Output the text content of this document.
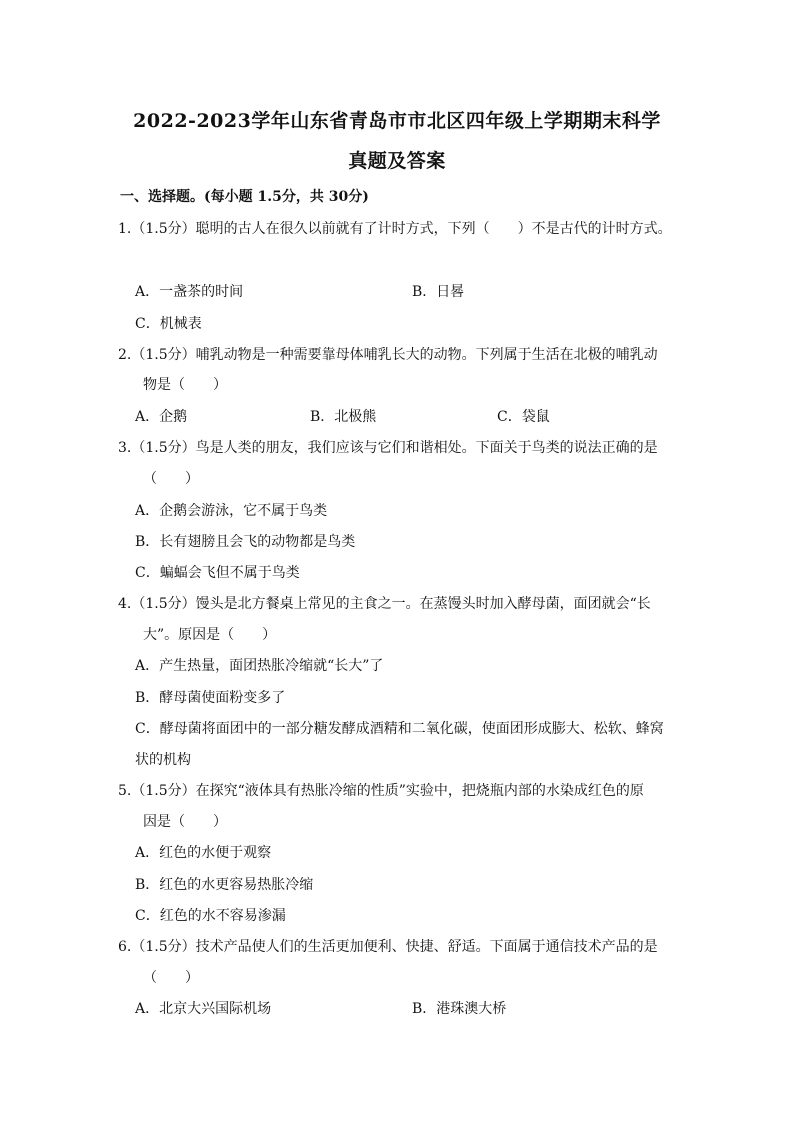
2022-2023学年山东省青岛市市北区四年级上学期期末科学
真题及答案
一、选择题。(每小题 1.5分，共 30分)
1.（1.5分）聪明的古人在很久以前就有了计时方式，下列（　　）不是古代的计时方式。
A．一盏茶的时间	B．日晷
C．机械表
2.（1.5分）哺乳动物是一种需要靠母体哺乳长大的动物。下列属于生活在北极的哺乳动
物是（　　）
A．企鹅	B．北极熊	C．袋鼠
3.（1.5分）鸟是人类的朋友，我们应该与它们和谐相处。下面关于鸟类的说法正确的是
（　　）
A．企鹅会游泳，它不属于鸟类
B．长有翅膀且会飞的动物都是鸟类
C．蝙蝠会飞但不属于鸟类
4.（1.5分）馒头是北方餐桌上常见的主食之一。在蒸馒头时加入酵母菌，面团就会“长
大”。原因是（　　）
A．产生热量，面团热胀冷缩就“长大”了
B．酵母菌使面粉变多了
C．酵母菌将面团中的一部分糖发酵成酒精和二氧化碳，使面团形成膨大、松软、蜂窝
状的机构
5.（1.5分）在探究“液体具有热胀冷缩的性质”实验中，把烧瓶内部的水染成红色的原
因是（　　）
A．红色的水便于观察
B．红色的水更容易热胀冷缩
C．红色的水不容易渗漏
6.（1.5分）技术产品使人们的生活更加便利、快捷、舒适。下面属于通信技术产品的是
（　　）
A．北京大兴国际机场	B．港珠澳大桥
